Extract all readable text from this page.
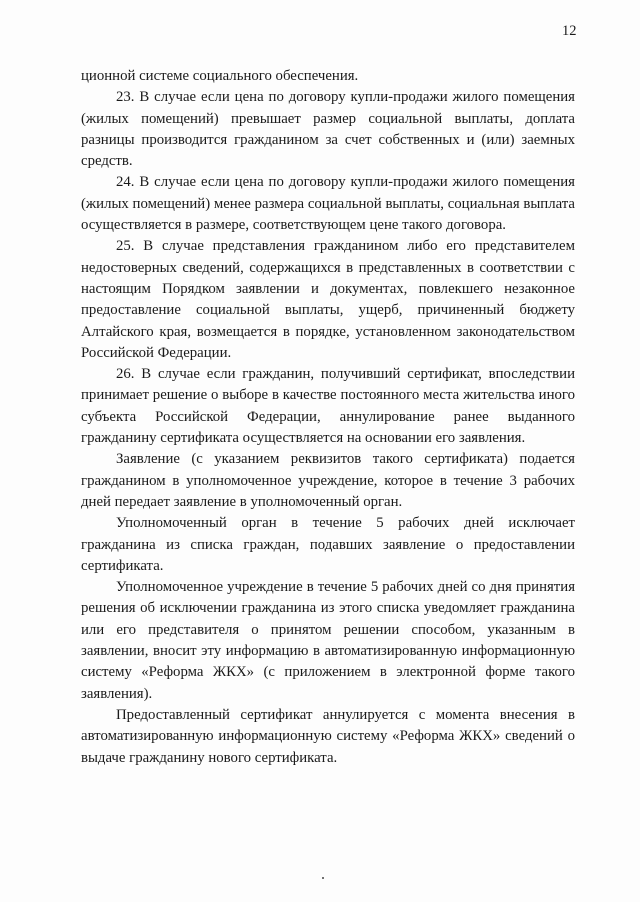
12

ционной системе социального обеспечения.

23. В случае если цена по договору купли-продажи жилого помещения (жилых помещений) превышает размер социальной выплаты, доплата разницы производится гражданином за счет собственных и (или) заемных средств.

24. В случае если цена по договору купли-продажи жилого помещения (жилых помещений) менее размера социальной выплаты, социальная выплата осуществляется в размере, соответствующем цене такого договора.

25. В случае представления гражданином либо его представителем недостоверных сведений, содержащихся в представленных в соответствии с настоящим Порядком заявлении и документах, повлекшего незаконное предоставление социальной выплаты, ущерб, причиненный бюджету Алтайского края, возмещается в порядке, установленном законодательством Российской Федерации.

26. В случае если гражданин, получивший сертификат, впоследствии принимает решение о выборе в качестве постоянного места жительства иного субъекта Российской Федерации, аннулирование ранее выданного гражданину сертификата осуществляется на основании его заявления.

Заявление (с указанием реквизитов такого сертификата) подается гражданином в уполномоченное учреждение, которое в течение 3 рабочих дней передает заявление в уполномоченный орган.

Уполномоченный орган в течение 5 рабочих дней исключает гражданина из списка граждан, подавших заявление о предоставлении сертификата.

Уполномоченное учреждение в течение 5 рабочих дней со дня принятия решения об исключении гражданина из этого списка уведомляет гражданина или его представителя о принятом решении способом, указанным в заявлении, вносит эту информацию в автоматизированную информационную систему «Реформа ЖКХ» (с приложением в электронной форме такого заявления).

Предоставленный сертификат аннулируется с момента внесения в автоматизированную информационную систему «Реформа ЖКХ» сведений о выдаче гражданину нового сертификата.
